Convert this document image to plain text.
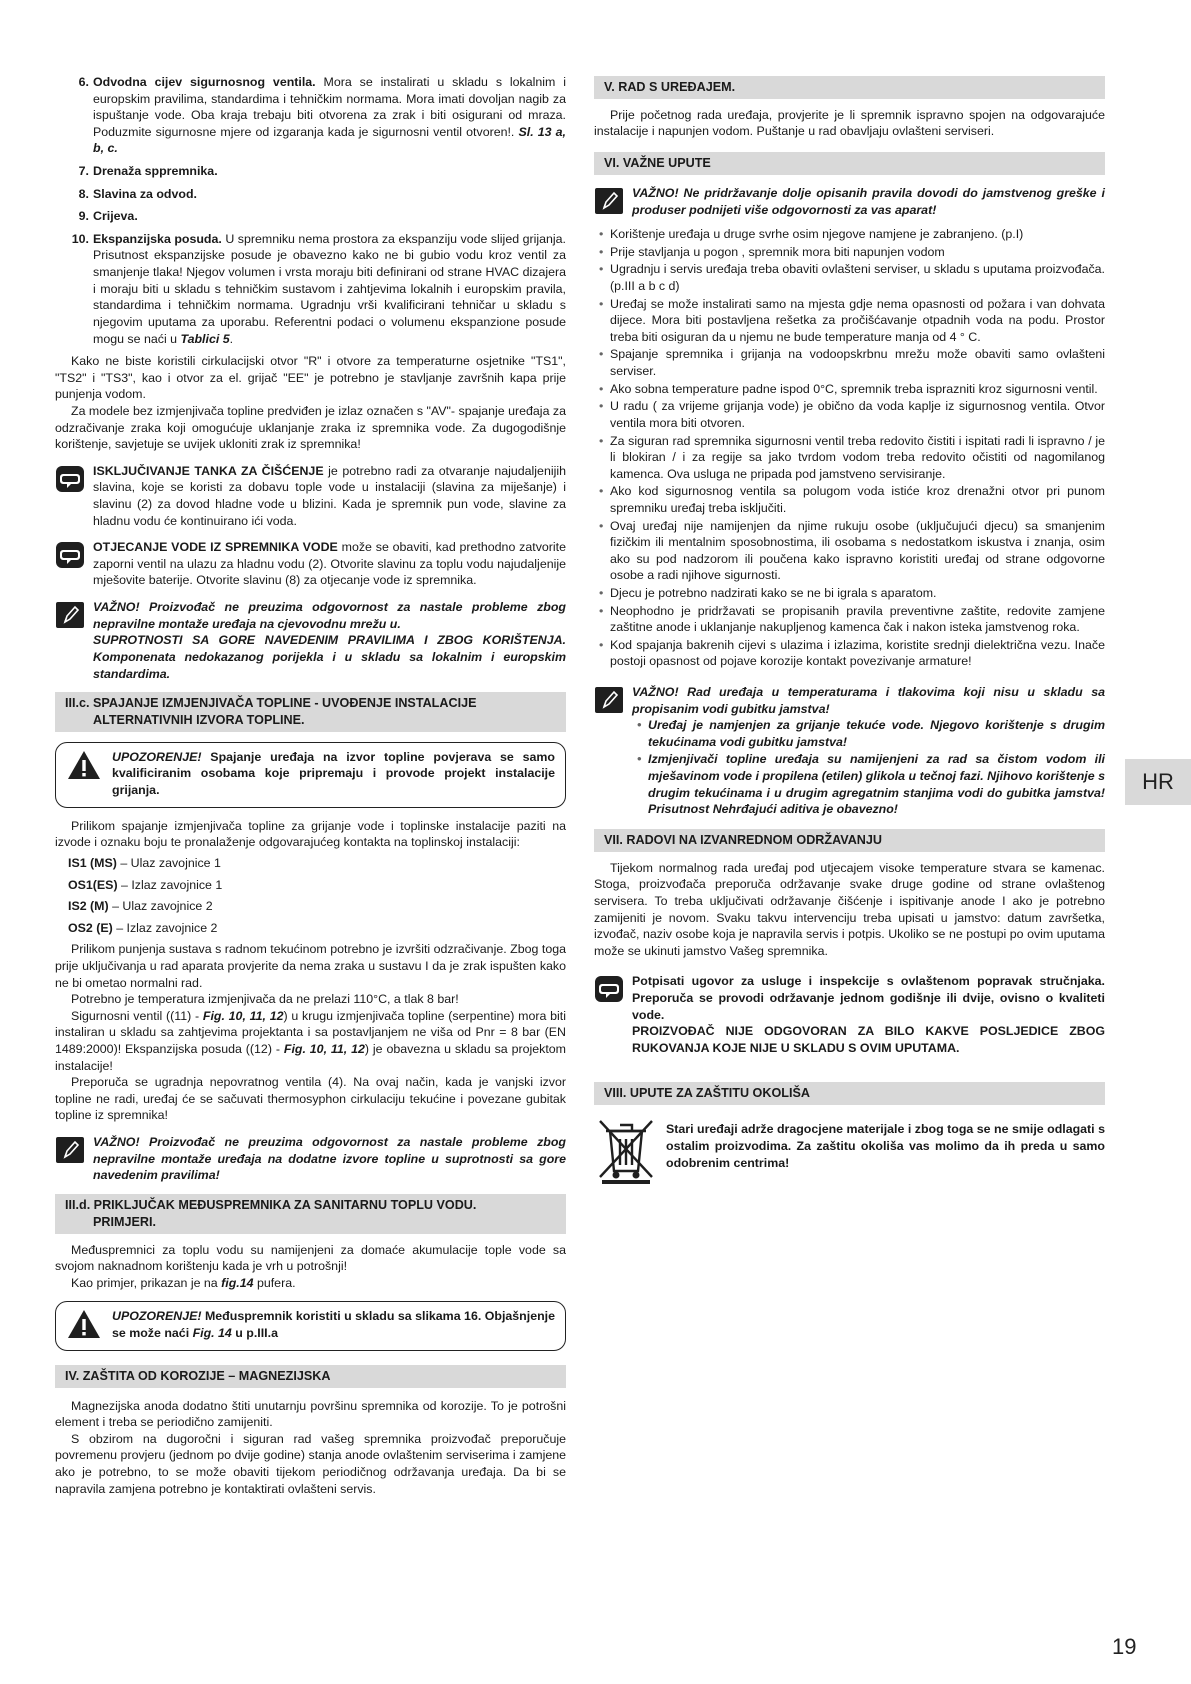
6. Odvodna cijev sigurnosnog ventila. Mora se instalirati u skladu s lokalnim i europskim pravilima, standardima i tehničkim normama. Mora imati dovoljan nagib za ispuštanje vode. Oba kraja trebaju biti otvorena za zrak i biti osigurani od mraza. Poduzmite sigurnosne mjere od izgaranja kada je sigurnosni ventil otvoren!. Sl. 13 a, b, c.
7. Drenaža sppremnika.
8. Slavina za odvod.
9. Crijeva.
10. Ekspanzijska posuda. U spremniku nema prostora za ekspanziju vode slijed grijanja. Prisutnost ekspanzijske posude je obavezno kako ne bi gubio vodu kroz ventil za smanjenje tlaka! Njegov volumen i vrsta moraju biti definirani od strane HVAC dizajera i moraju biti u skladu s tehničkim sustavom i zahtjevima lokalnih i europskim pravila, standardima i tehničkim normama. Ugradnju vrši kvalificirani tehničar u skladu s njegovim uputama za uporabu. Referentni podaci o volumenu ekspanzione posude mogu se naći u Tablici 5.

Kako ne biste koristili cirkulacijski otvor "R" i otvore za temperaturne osjetnike "TS1", "TS2" i "TS3", kao i otvor za el. grijač "EE" je potrebno je stavljanje završnih kapa prije punjenja vodom.

Za modele bez izmjenjivača topline predviđen je izlaz označen s "AV"- spajanje uređaja za odzračivanje zraka koji omogućuje uklanjanje zraka iz spremnika vode. Za dugogodišnje korištenje, savjetuje se uvijek ukloniti zrak iz spremnika!

ISKLJUČIVANJE TANKA ZA ČIŠĆENJE je potrebno radi za otvaranje najudaljenijih slavina, koje se koristi za dobavu tople vode u instalaciji (slavina za miješanje) i slavinu (2) za dovod hladne vode u blizini. Kada je spremnik pun vode, slavine za hladnu vodu će kontinuirano ići voda.
OTJECANJE VODE IZ SPREMNIKA VODE može se obaviti, kad prethodno zatvorite zaporni ventil na ulazu za hladnu vodu (2). Otvorite slavinu za toplu vodu najudaljenije mješovite baterije. Otvorite slavinu (8) za otjecanje vode iz spremnika.
VAŽNO! Proizvođač ne preuzima odgovornost za nastale probleme zbog nepravilne montaže uređaja na cjevovodnu mrežu u.
SUPROTNOSTI SA GORE NAVEDENIM PRAVILIMA I ZBOG KORIŠTENJA. Komponenata nedokazanog porijekla i u skladu sa lokalnim i europskim standardima.
III.c. SPAJANJE IZMJENJIVAČA TOPLINE - UVOĐENJE INSTALACIJE
ALTERNATIVNIH IZVORA TOPLINE.
UPOZORENJE! Spajanje uređaja na izvor topline povjerava se samo kvalificiranim osobama koje pripremaju i provode projekt instalacije grijanja.

Prilikom spajanje izmjenjivača topline za grijanje vode i toplinske instalacije paziti na izvode i oznaku boju te pronalaženje odgovarajućeg kontakta na toplinskoj instalaciji:

IS1 (MS) – Ulaz zavojnice 1
OS1(ES) – Izlaz zavojnice 1
IS2 (M) – Ulaz zavojnice 2
OS2 (E) – Izlaz zavojnice 2

Prilikom punjenja sustava s radnom tekućinom potrebno je izvršiti odzračivanje. Zbog toga prije uključivanja u rad aparata provjerite da nema zraka u sustavu I da je zrak ispušten kako ne bi ometao normalni rad.

Potrebno je temperatura izmjenjivača da ne prelazi 110°C, a tlak 8 bar!

Sigurnosni ventil ((11) - Fig. 10, 11, 12) u krugu izmjenjivača topline (serpentine) mora biti instaliran u skladu sa zahtjevima projektanta i sa postavljanjem ne viša od Pnr = 8 bar (EN 1489:2000)! Ekspanzijska posuda ((12) - Fig. 10, 11, 12) je obavezna u skladu sa projektom instalacije!

Preporuča se ugradnja nepovratnog ventila (4). Na ovaj način, kada je vanjski izvor topline ne radi, uređaj će se sačuvati thermosyphon cirkulaciju tekućine i povezane gubitak topline iz spremnika!

VAŽNO! Proizvođač ne preuzima odgovornost za nastale probleme zbog nepravilne montaže uređaja na dodatne izvore topline u suprotnosti sa gore navedenim pravilima!
III.d. PRIKLJUČAK MEĐUSPREMNIKA ZA SANITARNU TOPLU VODU.
PRIMJERI.

Međuspremnici za toplu vodu su namijenjeni za domaće akumulacije tople vode sa svojom naknadnom korištenju kada je vrh u potrošnji!

Kao primjer, prikazan je na fig.14 pufera.

UPOZORENJE! Međuspremnik koristiti u skladu sa slikama 16. Objašnjenje se može naći Fig. 14 u p.III.a
IV. ZAŠTITA OD KOROZIJE – MAGNEZIJSKA

Magnezijska anoda dodatno štiti unutarnju površinu spremnika od korozije. To je potrošni element i treba se periodično zamijeniti.

S obzirom na dugoročni i siguran rad vašeg spremnika proizvođač preporučuje povremenu provjeru (jednom po dvije godine) stanja anode ovlaštenim serviserima i zamjene ako je potrebno, to se može obaviti tijekom periodičnog održavanja uređaja. Da bi se napravila zamjena potrebno je kontaktirati ovlašteni servis.

V. RAD S UREĐAJEM.

Prije početnog rada uređaja, provjerite je li spremnik ispravno spojen na odgovarajuće instalacije i napunjen vodom. Puštanje u rad obavljaju ovlašteni serviseri.

VI. VAŽNE UPUTE
VAŽNO! Ne pridržavanje dolje opisanih pravila dovodi do jamstvenog greške i produser podnijeti više odgovornosti za vas aparat!
• Korištenje uređaja u druge svrhe osim njegove namjene je zabranjeno. (p.I)
• Prije stavljanja u pogon , spremnik mora biti napunjen vodom
• Ugradnju i servis uređaja treba obaviti ovlašteni serviser, u skladu s uputama proizvođača. (p.III a b c d)
• Uređaj se može instalirati samo na mjesta gdje nema opasnosti od požara i van dohvata dijece. Mora biti postavljena rešetka za pročišćavanje otpadnih voda na podu. Prostor treba biti osiguran da u njemu ne bude temperature manja od 4 ° C.
• Spajanje spremnika i grijanja na vodoopskrbnu mrežu može obaviti samo ovlašteni serviser.
• Ako sobna temperature padne ispod 0°C, spremnik treba isprazniti kroz sigurnosni ventil.
• U radu ( za vrijeme grijanja vode) je obično da voda kaplje iz sigurnosnog ventila. Otvor ventila mora biti otvoren.
• Za siguran rad spremnika sigurnosni ventil treba redovito čistiti i ispitati radi li ispravno / je li blokiran / i za regije sa jako tvrdom vodom treba redovito očistiti od nagomilanog kamenca. Ova usluga ne pripada pod jamstveno servisiranje.
• Ako kod sigurnosnog ventila sa polugom voda istiće kroz drenažni otvor pri punom spremniku uređaj treba isključiti.
• Ovaj uređaj nije namijenjen da njime rukuju osobe (uključujući djecu) sa smanjenim fizičkim ili mentalnim sposobnostima, ili osobama s nedostatkom iskustva i znanja, osim ako su pod nadzorom ili poučena kako ispravno koristiti uređaj od strane odgovorne osobe a radi njihove sigurnosti.
• Djecu je potrebno nadzirati kako se ne bi igrala s aparatom.
• Neophodno je pridržavati se propisanih pravila preventivne zaštite, redovite zamjene zaštitne anode i uklanjanje nakupljenog kamenca čak i nakon isteka jamstvenog roka.
• Kod spajanja bakrenih cijevi s ulazima i izlazima, koristite srednji dielektrična vezu. Inače postoji opasnost od pojave korozije kontakt povezivanje armature!
VAŽNO! Rad uređaja u temperaturama i tlakovima koji nisu u skladu sa propisanim vodi gubitku jamstva!
• Uređaj je namjenjen za grijanje tekuće vode. Njegovo korištenje s drugim tekućinama vodi gubitku jamstva!
• Izmjenjivači topline uređaja su namijenjeni za rad sa čistom vodom ili mješavinom vode i propilena (etilen) glikola u tečnoj fazi. Njihovo korištenje s drugim tekućinama i u drugim agregatnim stanjima vodi do gubitka jamstva! Prisutnost Nehrđajući aditiva je obavezno!
VII. RADOVI NA IZVANREDNOM ODRŽAVANJU

Tijekom normalnog rada uređaj pod utjecajem visoke temperature stvara se kamenac. Stoga, proizvođača preporuča održavanje svake druge godine od strane ovlaštenog servisera. To treba uključivati održavanje čišćenje i ispitivanje anode I ako je potrebno zamijeniti je novom. Svaku takvu intervenciju treba upisati u jamstvo: datum završetka, izvođač, naziv osobe koja je napravila servis i potpis. Ukoliko se ne postupi po ovim uputama može se ukinuti jamstvo Vašeg spremnika.

Potpisati ugovor za usluge i inspekcije s ovlaštenom popravak stručnjaka. Preporuča se provodi održavanje jednom godišnje ili dvije, ovisno o kvaliteti vode.
PROIZVOĐAČ NIJE ODGOVORAN ZA BILO KAKVE POSLJEDICE ZBOG RUKOVANJA KOJE NIJE U SKLADU S OVIM UPUTAMA.
VIII. UPUTE ZA ZAŠTITU OKOLIŠA
Stari uređaji adrže dragocjene materijale i zbog toga se ne smije odlagati s ostalim proizvodima. Za zaštitu okoliša vas molimo da ih preda u samo odobrenim centrima!
HR
19
